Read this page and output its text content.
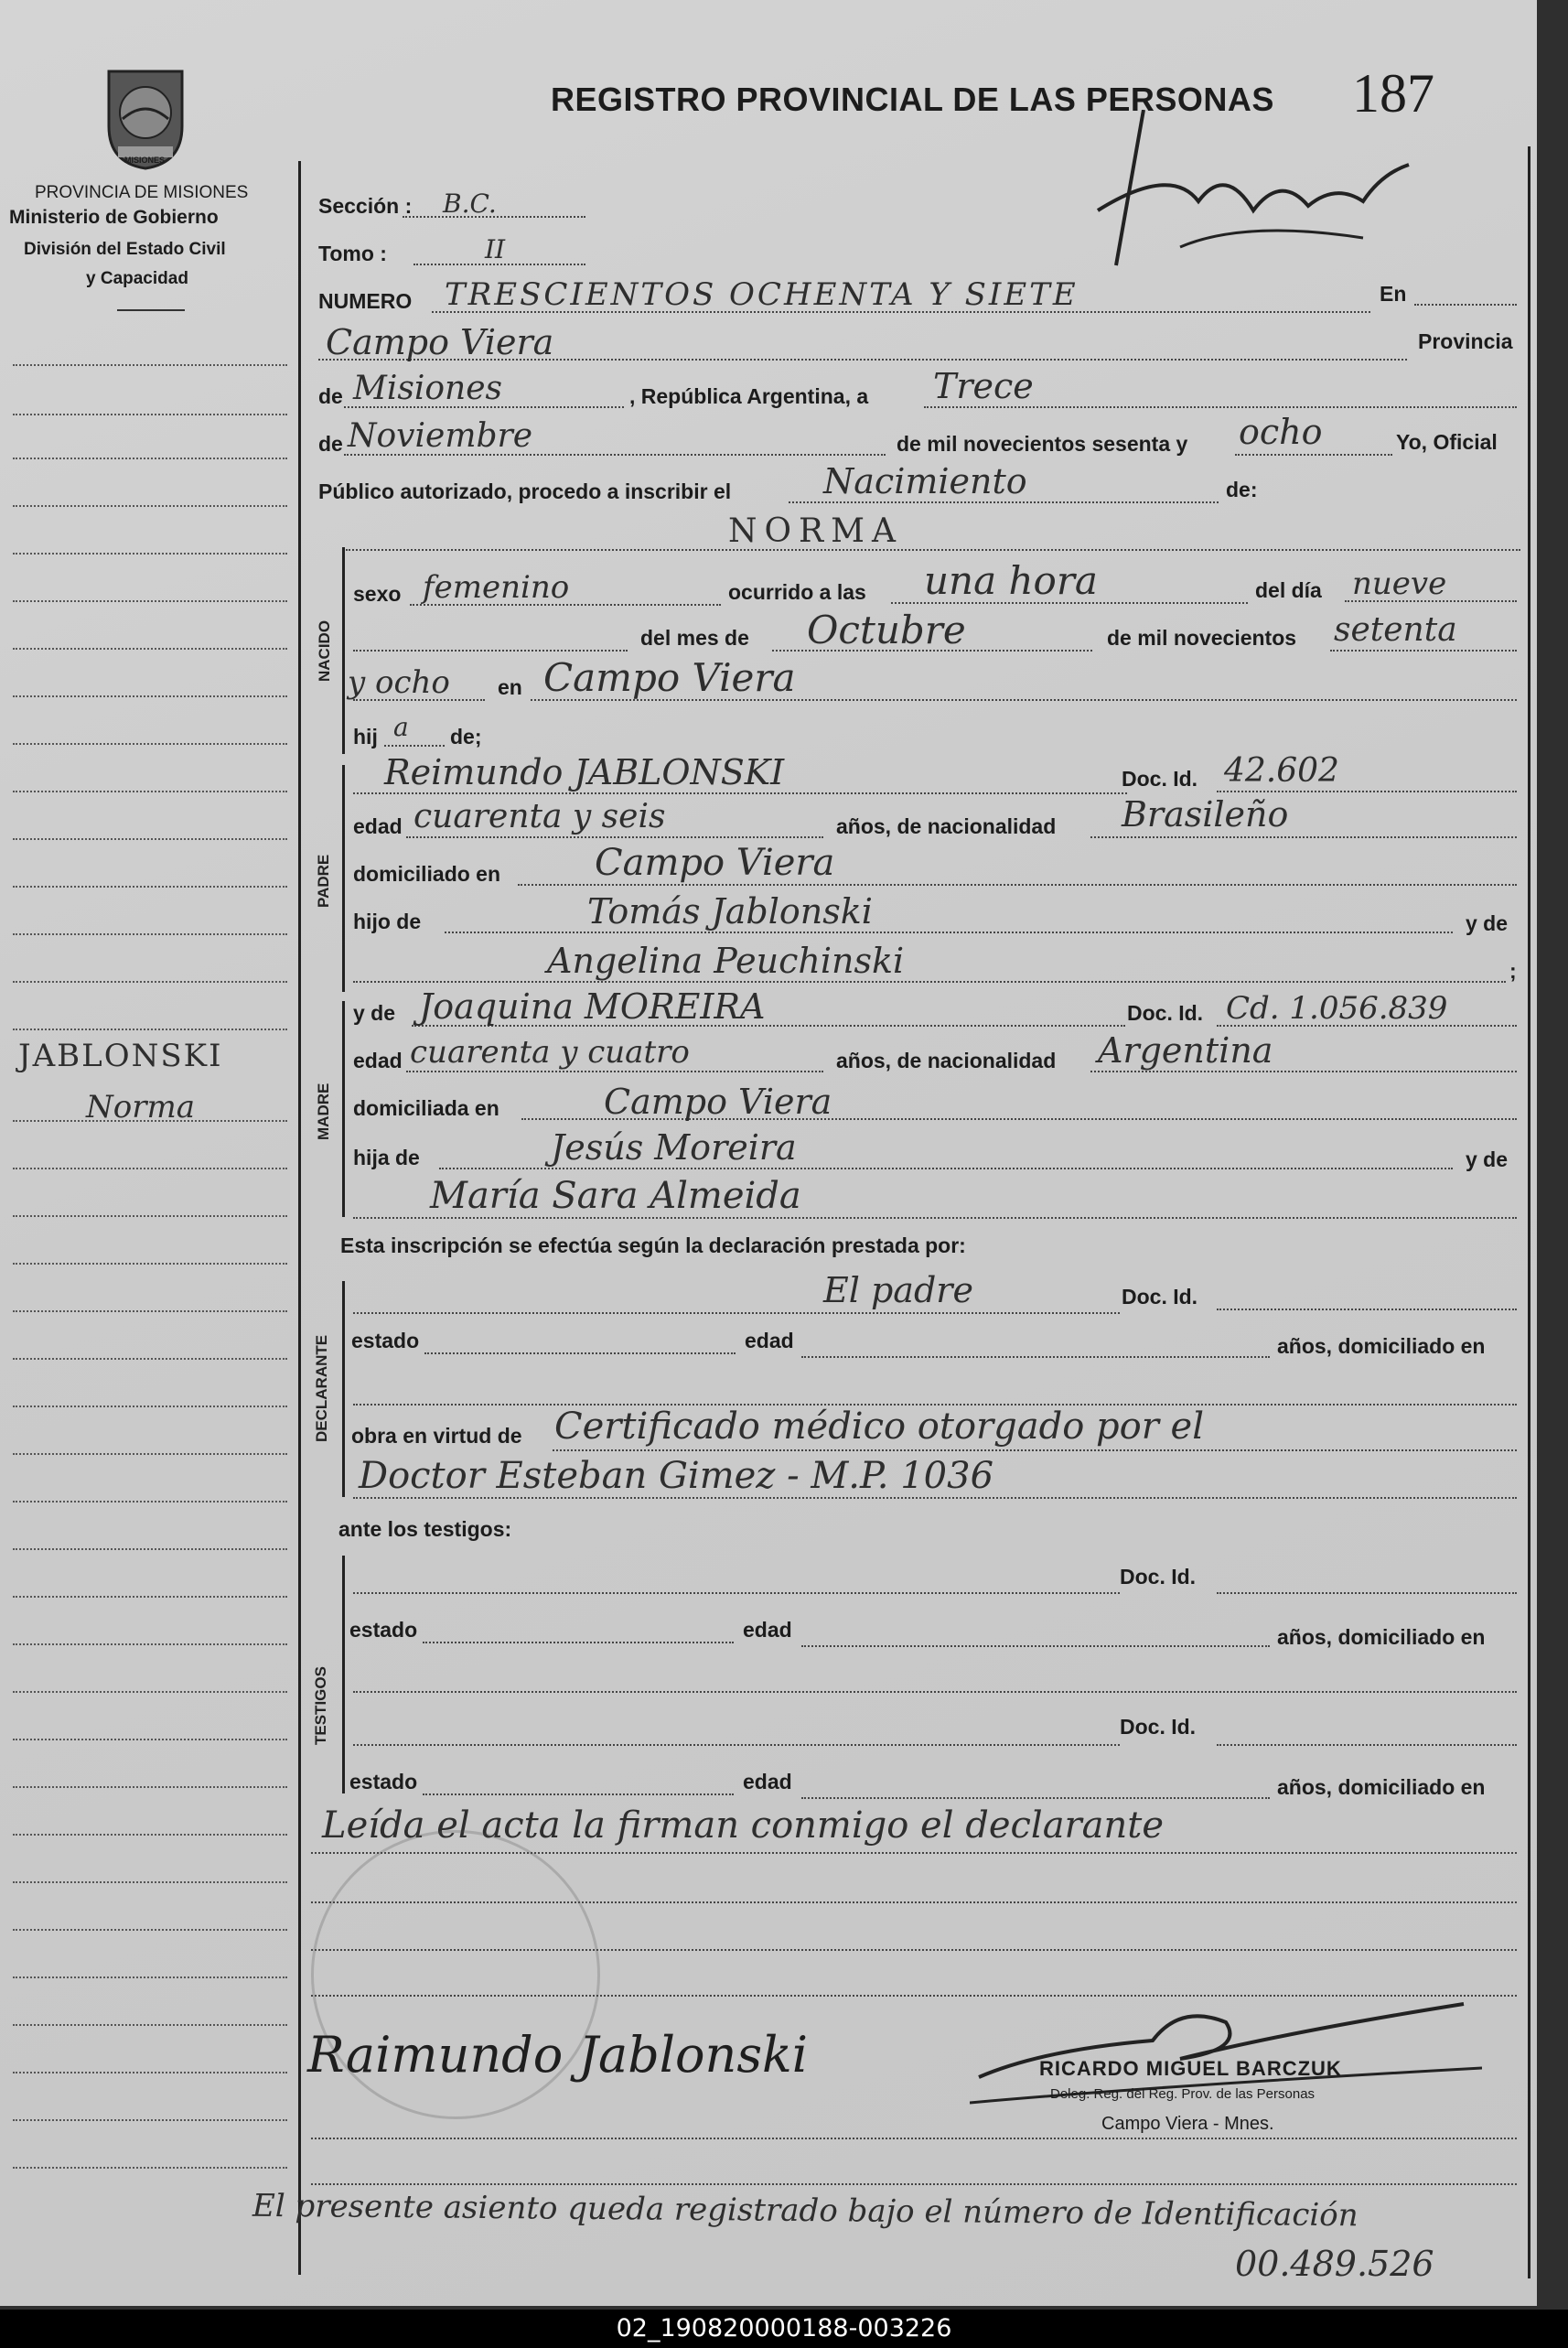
MISIONES
PROVINCIA DE MISIONES
Ministerio de Gobierno
División del Estado Civil
y Capacidad
REGISTRO PROVINCIAL DE LAS PERSONAS 187
NACIDO
PADRE
MADRE
DECLARANTE
TESTIGOS
JABLONSKI
Norma
Sección : B.C.
Tomo :	II
NUMERO TRESCIENTOS OCHENTA Y SIETE	En
Campo Viera	Provincia
de Misiones	, República Argentina, a Trece
de Noviembre	de mil novecientos sesenta y ocho	Yo, Oficial
Público autorizado, procedo a inscribir el	Nacimiento	de:
NORMA
sexo femenino	ocurrido a las una hora	del día nueve
del mes de Octubre	de mil novecientos setenta
y ocho en Campo Viera
hij a de;
Reimundo JABLONSKI	Doc. Id. 42.602
edad cuarenta y seis	años, de nacionalidad Brasileño
domiciliado en	Campo Viera
hijo de	Tomás Jablonski	y de
Angelina Peuchinski	;
y de Joaquina MOREIRA	Doc. Id. Cd. 1.056.839
edad cuarenta y cuatro	años, de nacionalidad Argentina
domiciliada en	Campo Viera
hija de	Jesús Moreira	y de
María Sara Almeida
Esta inscripción se efectúa según la declaración prestada por:
El padre	Doc. Id.
estado	edad	años, domiciliado en
obra en virtud de Certificado médico otorgado por el
Doctor Esteban Gimez - M.P. 1036
ante los testigos:
Doc. Id.
estado	edad	años, domiciliado en
Doc. Id.
estado	edad	años, domiciliado en
Leída el acta la firman conmigo el declarante
Raimundo Jablonski	RICARDO MIGUEL BARCZUK
Deleg. Reg. del Reg. Prov. de las Personas
Campo Viera - Mnes.
El presente asiento queda registrado bajo el número de Identificación
00.489.526
02_190820000188-003226
